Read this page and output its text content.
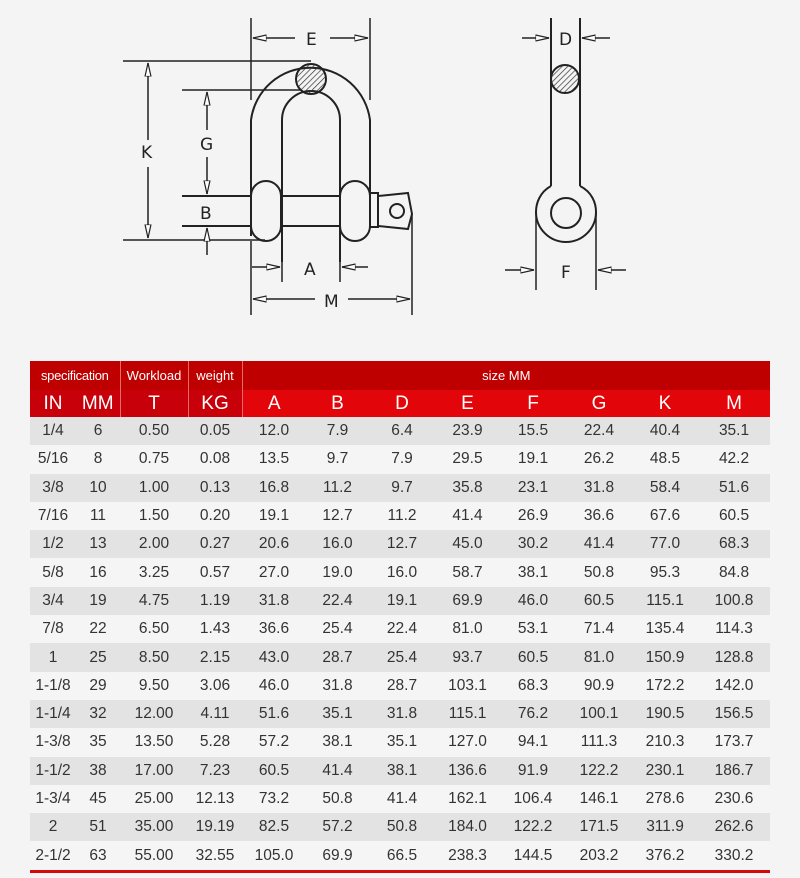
E
K	G
B
A
M
D
F
specification		Workload	weight	size MM							
IN	MM	T	KG	A	B	D	E	F	G	K	M
1/4	6	0.50	0.05	12.0	7.9	6.4	23.9	15.5	22.4	40.4	35.1
5/16	8	0.75	0.08	13.5	9.7	7.9	29.5	19.1	26.2	48.5	42.2
3/8	10	1.00	0.13	16.8	11.2	9.7	35.8	23.1	31.8	58.4	51.6
7/16	11	1.50	0.20	19.1	12.7	11.2	41.4	26.9	36.6	67.6	60.5
1/2	13	2.00	0.27	20.6	16.0	12.7	45.0	30.2	41.4	77.0	68.3
5/8	16	3.25	0.57	27.0	19.0	16.0	58.7	38.1	50.8	95.3	84.8
3/4	19	4.75	1.19	31.8	22.4	19.1	69.9	46.0	60.5	115.1	100.8
7/8	22	6.50	1.43	36.6	25.4	22.4	81.0	53.1	71.4	135.4	114.3
1	25	8.50	2.15	43.0	28.7	25.4	93.7	60.5	81.0	150.9	128.8
1-1/8	29	9.50	3.06	46.0	31.8	28.7	103.1	68.3	90.9	172.2	142.0
1-1/4	32	12.00	4.11	51.6	35.1	31.8	115.1	76.2	100.1	190.5	156.5
1-3/8	35	13.50	5.28	57.2	38.1	35.1	127.0	94.1	111.3	210.3	173.7
1-1/2	38	17.00	7.23	60.5	41.4	38.1	136.6	91.9	122.2	230.1	186.7
1-3/4	45	25.00	12.13	73.2	50.8	41.4	162.1	106.4	146.1	278.6	230.6
2	51	35.00	19.19	82.5	57.2	50.8	184.0	122.2	171.5	311.9	262.6
2-1/2	63	55.00	32.55	105.0	69.9	66.5	238.3	144.5	203.2	376.2	330.2
